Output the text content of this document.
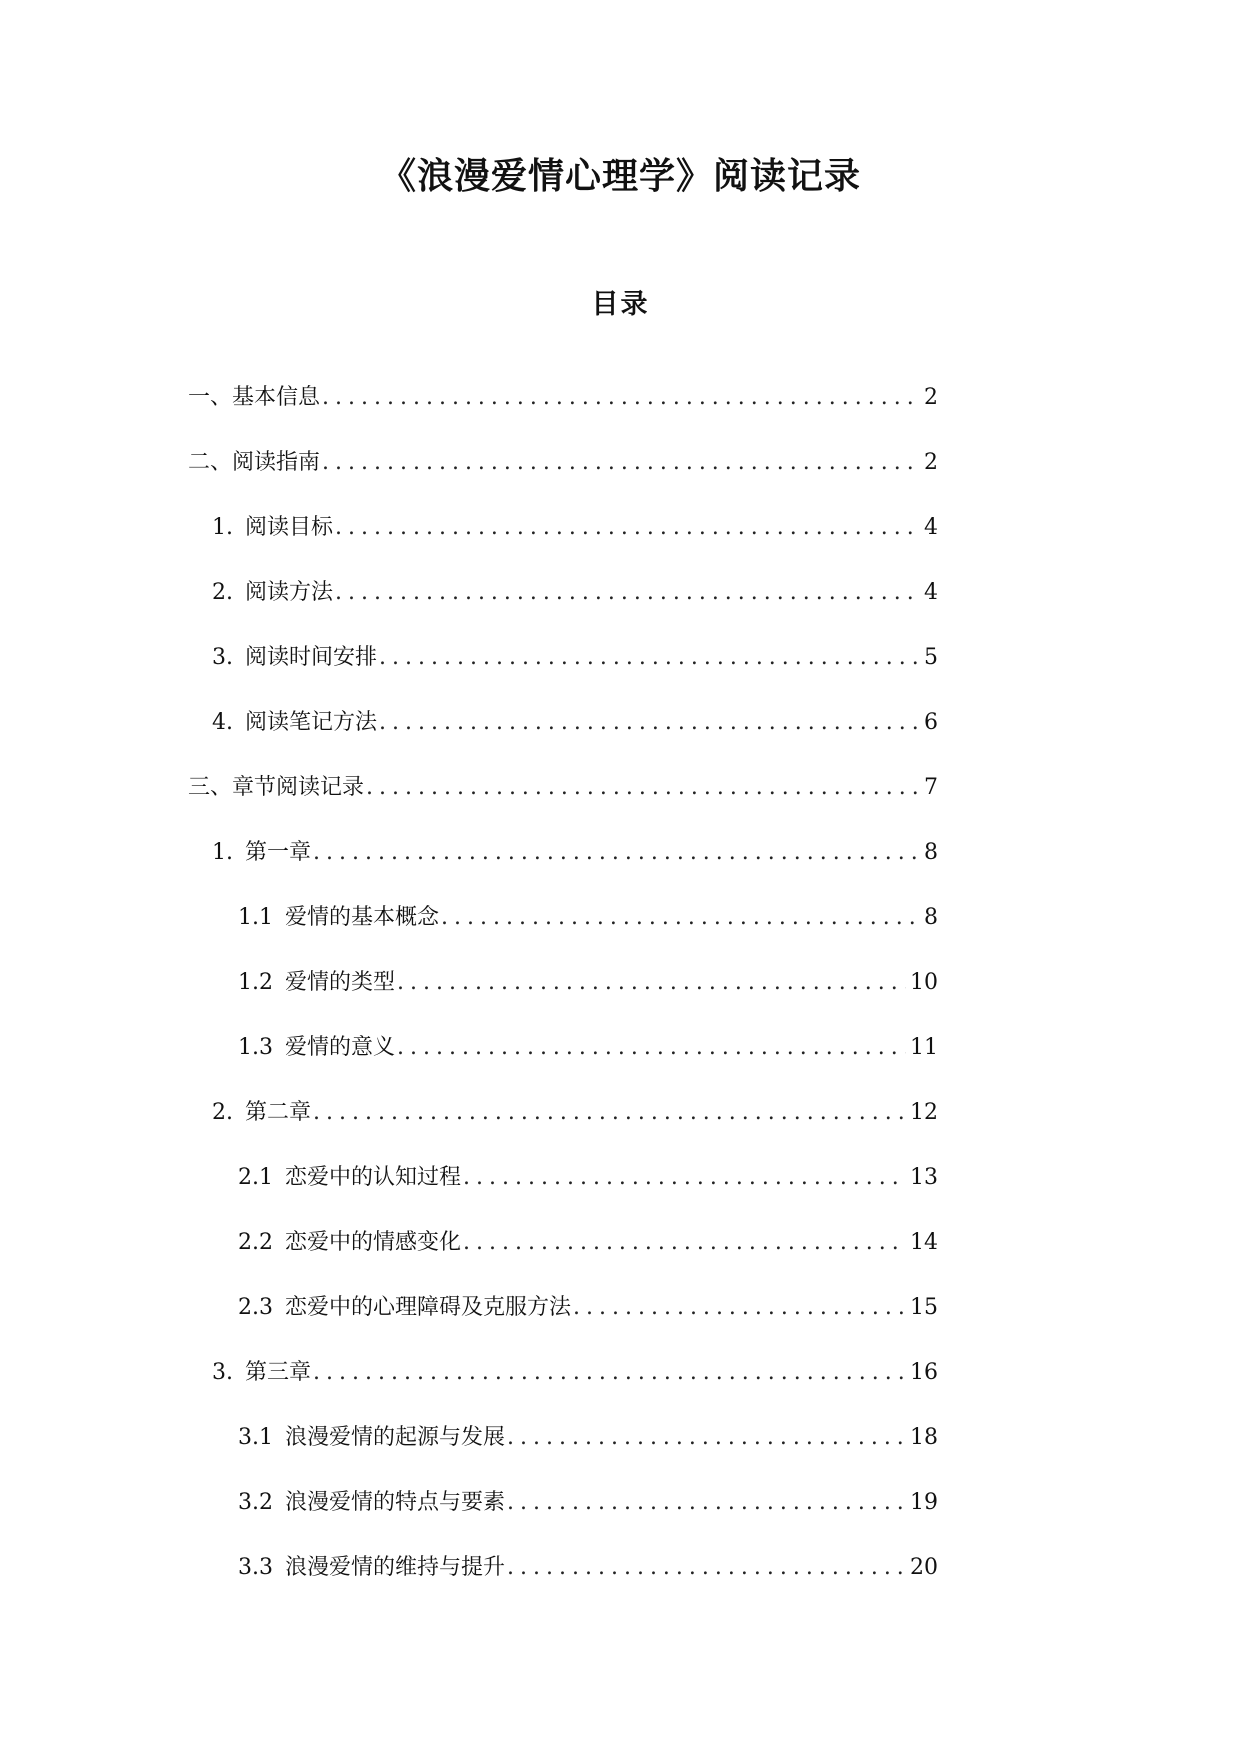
《浪漫爱情心理学》阅读记录
目录
一、基本信息 .....	2
二、阅读指南 .....	2
1. 阅读目标 .....	4
2. 阅读方法 .....	4
3. 阅读时间安排 .....	5
4. 阅读笔记方法 .....	6
三、章节阅读记录 .....	7
1. 第一章 .....	8
1.1 爱情的基本概念 .....	8
1.2 爱情的类型 .....	10
1.3 爱情的意义 .....	11
2. 第二章 .....	12
2.1 恋爱中的认知过程 .....	13
2.2 恋爱中的情感变化 .....	14
2.3 恋爱中的心理障碍及克服方法 .....	15
3. 第三章 .....	16
3.1 浪漫爱情的起源与发展 .....	18
3.2 浪漫爱情的特点与要素 .....	19
3.3 浪漫爱情的维持与提升 .....	20
